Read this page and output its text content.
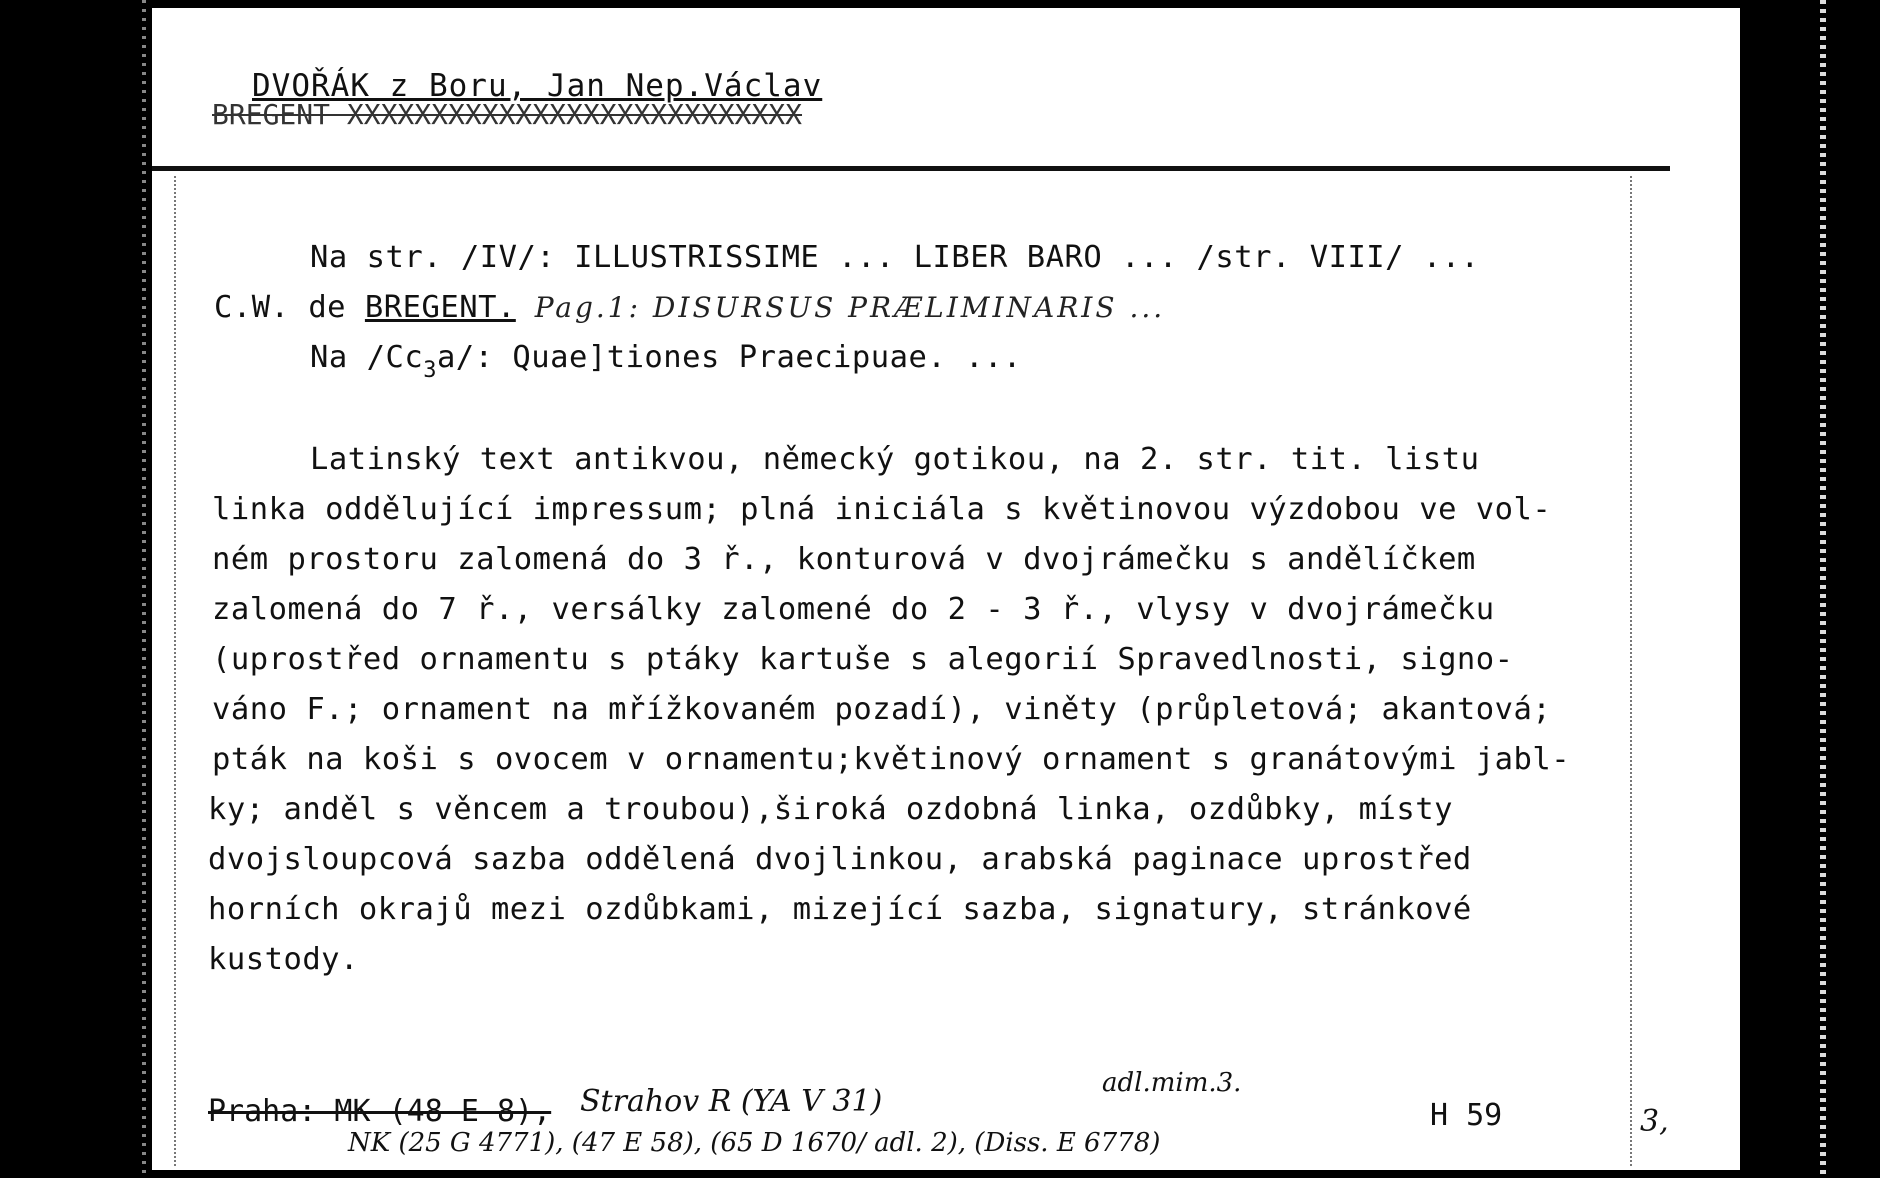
BREGENT XXXXXXXXXXXXXXXXXXXXXXXXXXX
DVOŘÁK z Boru, Jan Nep.Václav
Na str. /IV/: ILLUSTRISSIME ... LIBER BARO ... /str. VIII/ ...
C.W. de BREGENT. Pag.1: DISURSUS PRÆLIMINARIS ...
Na $/Cc_3a/$: Quae]tiones Praecipuae. ...
Latinský text antikvou, německý gotikou, na 2. str. tit. listu
linka oddělující impressum; plná iniciála s květinovou výzdobou ve vol-
ném prostoru zalomená do 3 ř., konturová v dvojrámečku s andělíčkem
zalomená do 7 ř., versálky zalomené do 2 - 3 ř., vlysy v dvojrámečku
(uprostřed ornamentu s ptáky kartuše s alegorií Spravedlnosti, signo-
váno F.; ornament na mřížkovaném pozadí), viněty (průpletová; akantová;
pták na koši s ovocem v ornamentu;květinový ornament s granátovými jabl-
ky; anděl s věncem a troubou),široká ozdobná linka, ozdůbky, místy
dvojsloupcová sazba oddělená dvojlinkou, arabská paginace uprostřed
horních okrajů mezi ozdůbkami, mizející sazba, signatury, stránkové
kustody.
Praha: MK (48 E 8), Strahov R (YA V 31)
adl.mim.3.
NK (25 G 4771), (47 E 58), (65 D 1670/ adl. 2), (Diss. E 6778)
H 59	3,
